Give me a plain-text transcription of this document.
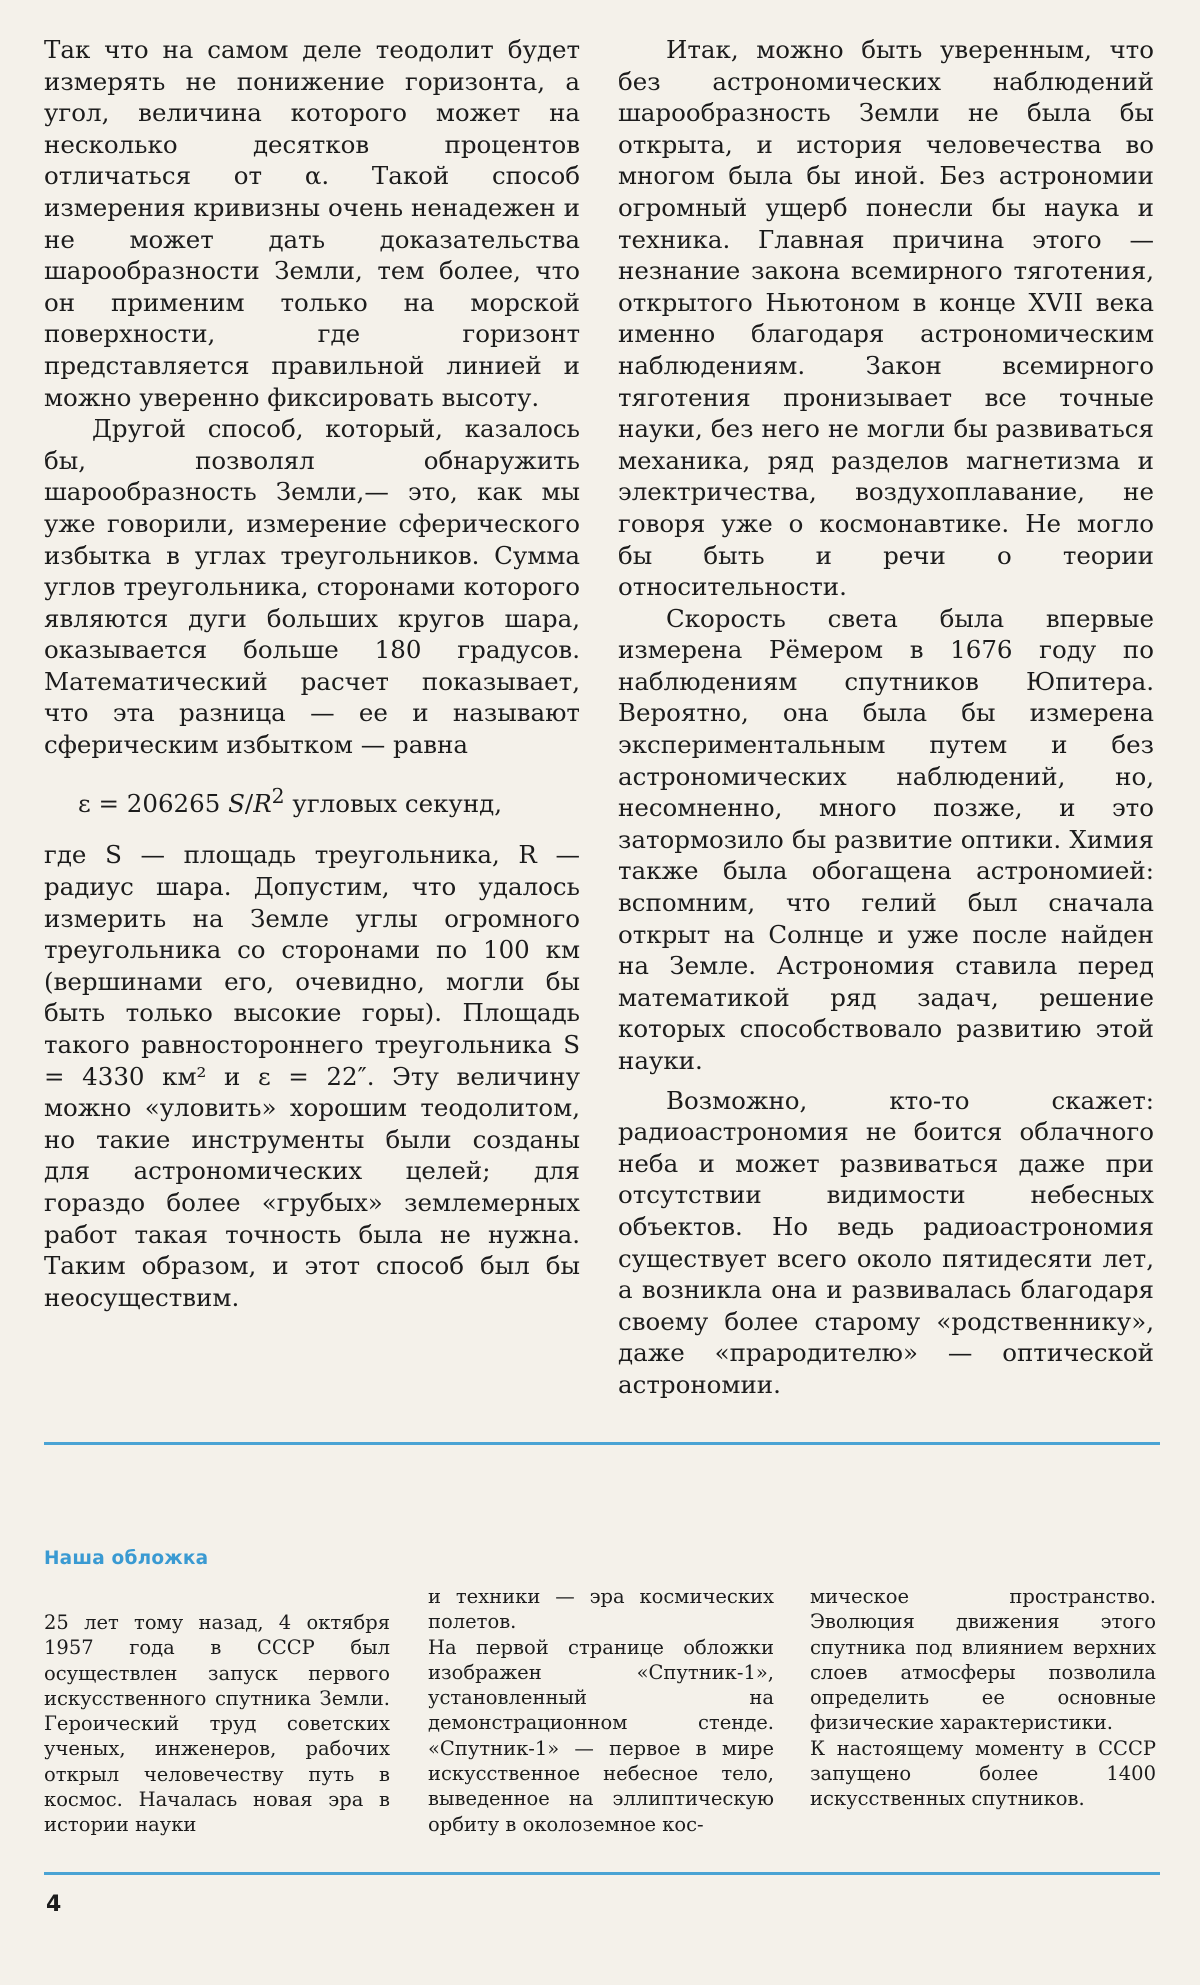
Так что на самом деле теодолит будет измерять не понижение горизонта, а угол, величина которого может на несколько десятков процентов отличаться от α. Такой способ измерения кривизны очень ненадежен и не может дать доказательства шарообразности Земли, тем более, что он применим только на морской поверхности, где горизонт представляется правильной линией и можно уверенно фиксировать высоту.

Другой способ, который, казалось бы, позволял обнаружить шарообразность Земли,— это, как мы уже говорили, измерение сферического избытка в углах треугольников. Сумма углов треугольника, сторонами которого являются дуги больших кругов шара, оказывается больше 180 градусов. Математический расчет показывает, что эта разница — ее и называют сферическим избытком — равна

ε = 206265 $S/R^2$ угловых секунд,

где S — площадь треугольника, R — радиус шара. Допустим, что удалось измерить на Земле углы огромного треугольника со сторонами по 100 км (вершинами его, очевидно, могли бы быть только высокие горы). Площадь такого равностороннего треугольника S = 4330 км² и ε = 22″. Эту величину можно «уловить» хорошим теодолитом, но такие инструменты были созданы для астрономических целей; для гораздо более «грубых» землемерных работ такая точность была не нужна. Таким образом, и этот способ был бы неосуществим.

Итак, можно быть уверенным, что без астрономических наблюдений шарообразность Земли не была бы открыта, и история человечества во многом была бы иной. Без астрономии огромный ущерб понесли бы наука и техника. Главная причина этого — незнание закона всемирного тяготения, открытого Ньютоном в конце XVII века именно благодаря астрономическим наблюдениям. Закон всемирного тяготения пронизывает все точные науки, без него не могли бы развиваться механика, ряд разделов магнетизма и электричества, воздухоплавание, не говоря уже о космонавтике. Не могло бы быть и речи о теории относительности.

Скорость света была впервые измерена Рёмером в 1676 году по наблюдениям спутников Юпитера. Вероятно, она была бы измерена экспериментальным путем и без астрономических наблюдений, но, несомненно, много позже, и это затормозило бы развитие оптики. Химия также была обогащена астрономией: вспомним, что гелий был сначала открыт на Солнце и уже после найден на Земле. Астрономия ставила перед математикой ряд задач, решение которых способствовало развитию этой науки.

Возможно, кто-то скажет: радиоастрономия не боится облачного неба и может развиваться даже при отсутствии видимости небесных объектов. Но ведь радиоастрономия существует всего около пятидесяти лет, а возникла она и развивалась благодаря своему более старому «родственнику», даже «прародителю» — оптической астрономии.

Наша обложка

25 лет тому назад, 4 октября 1957 года в СССР был осуществлен запуск первого искусственного спутника Земли. Героический труд советских ученых, инженеров, рабочих открыл человечеству путь в космос. Началась новая эра в истории науки

и техники — эра космических полетов.

На первой странице обложки изображен «Спутник-1», установленный на демонстрационном стенде. «Спутник-1» — первое в мире искусственное небесное тело, выведенное на эллиптическую орбиту в околоземное кос-

мическое пространство. Эволюция движения этого спутника под влиянием верхних слоев атмосферы позволила определить ее основные физические характеристики.

К настоящему моменту в СССР запущено более 1400 искусственных спутников.

4
